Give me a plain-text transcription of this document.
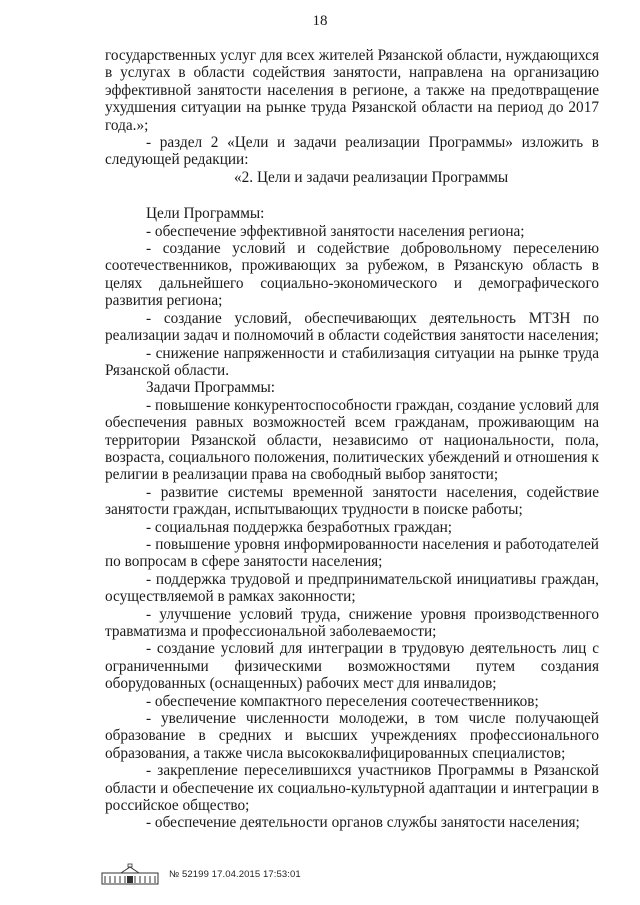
18

государственных услуг для всех жителей Рязанской области, нуждающихся в услугах в области содействия занятости, направлена на организацию эффективной занятости населения в регионе, а также на предотвращение ухудшения ситуации на рынке труда Рязанской области на период до 2017 года.»;

- раздел 2 «Цели и задачи реализации Программы» изложить в следующей редакции:

«2. Цели и задачи реализации Программы

Цели Программы:

- обеспечение эффективной занятости населения региона;

- создание условий и содействие добровольному переселению соотечественников, проживающих за рубежом, в Рязанскую область в целях дальнейшего социально-экономического и демографического развития региона;

- создание условий, обеспечивающих деятельность МТЗН по реализации задач и полномочий в области содействия занятости населения;

- снижение напряженности и стабилизация ситуации на рынке труда Рязанской области.

Задачи Программы:

- повышение конкурентоспособности граждан, создание условий для обеспечения равных возможностей всем гражданам, проживающим на территории Рязанской области, независимо от национальности, пола, возраста, социального положения, политических убеждений и отношения к религии в реализации права на свободный выбор занятости;

- развитие системы временной занятости населения, содействие занятости граждан, испытывающих трудности в поиске работы;

- социальная поддержка безработных граждан;

- повышение уровня информированности населения и работодателей по вопросам в сфере занятости населения;

- поддержка трудовой и предпринимательской инициативы граждан, осуществляемой в рамках законности;

- улучшение условий труда, снижение уровня производственного травматизма и профессиональной заболеваемости;

- создание условий для интеграции в трудовую деятельность лиц с ограниченными физическими возможностями путем создания оборудованных (оснащенных) рабочих мест для инвалидов;

- обеспечение компактного переселения соотечественников;

- увеличение численности молодежи, в том числе получающей образование в средних и высших учреждениях профессионального образования, а также числа высококвалифицированных специалистов;

- закрепление переселившихся участников Программы в Рязанской области и обеспечение их социально-культурной адаптации и интеграции в российское общество;

- обеспечение деятельности органов службы занятости населения;

№ 52199 17.04.2015 17:53:01
